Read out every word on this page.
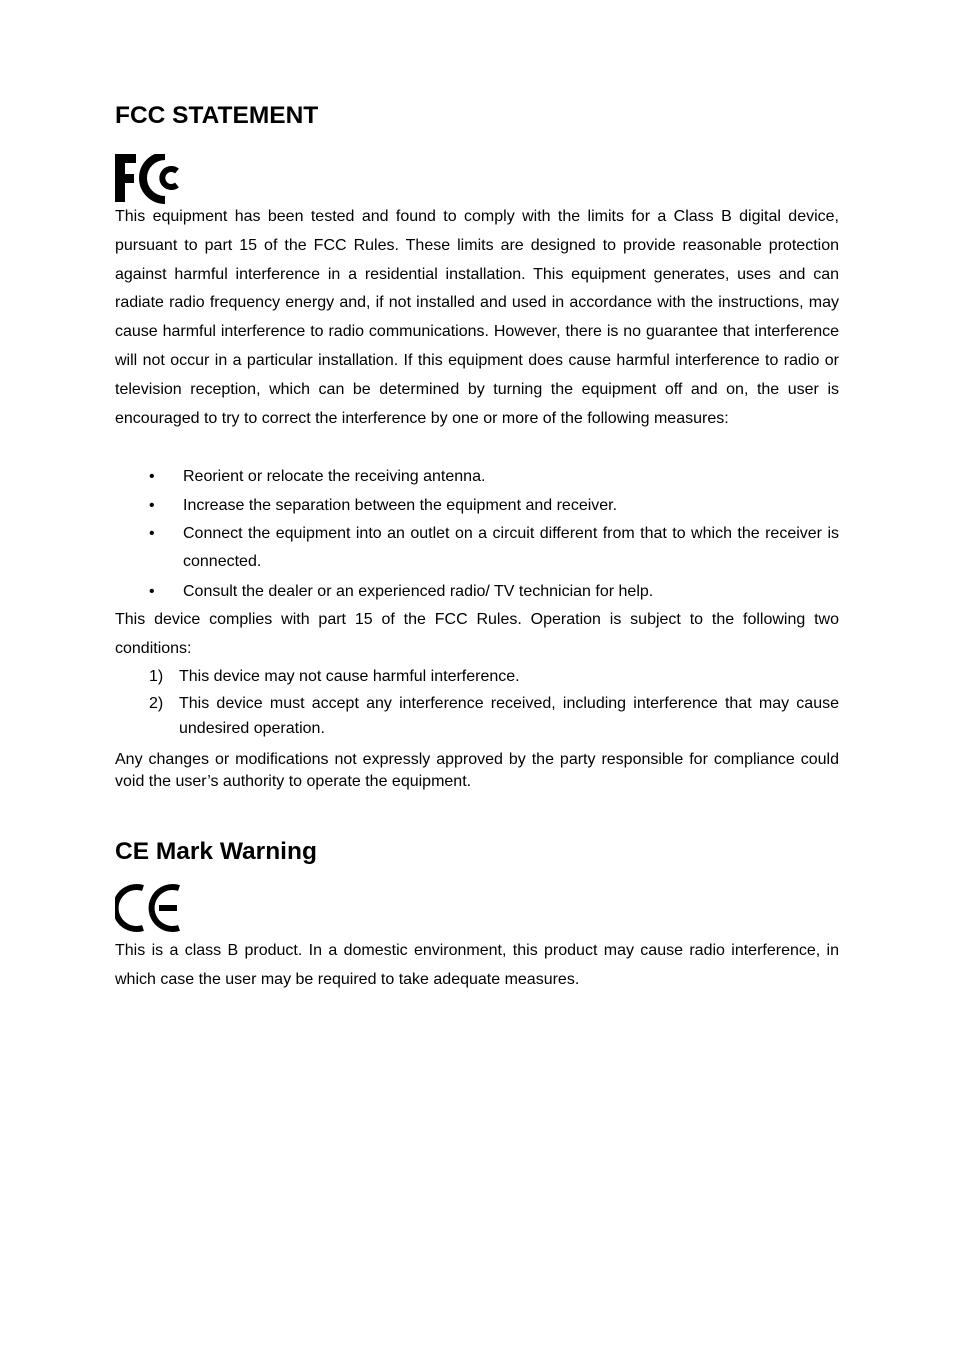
FCC STATEMENT

This equipment has been tested and found to comply with the limits for a Class B digital device, pursuant to part 15 of the FCC Rules. These limits are designed to provide reasonable protection against harmful interference in a residential installation. This equipment generates, uses and can radiate radio frequency energy and, if not installed and used in accordance with the instructions, may cause harmful interference to radio communications. However, there is no guarantee that interference will not occur in a particular installation. If this equipment does cause harmful interference to radio or television reception, which can be determined by turning the equipment off and on, the user is encouraged to try to correct the interference by one or more of the following measures:

• Reorient or relocate the receiving antenna.
• Increase the separation between the equipment and receiver.
• Connect the equipment into an outlet on a circuit different from that to which the receiver is connected.
• Consult the dealer or an experienced radio/ TV technician for help.

This device complies with part 15 of the FCC Rules. Operation is subject to the following two conditions:

1) This device may not cause harmful interference.
2) This device must accept any interference received, including interference that may cause undesired operation.

Any changes or modifications not expressly approved by the party responsible for compliance could void the user’s authority to operate the equipment.

CE Mark Warning

This is a class B product. In a domestic environment, this product may cause radio interference, in which case the user may be required to take adequate measures.
